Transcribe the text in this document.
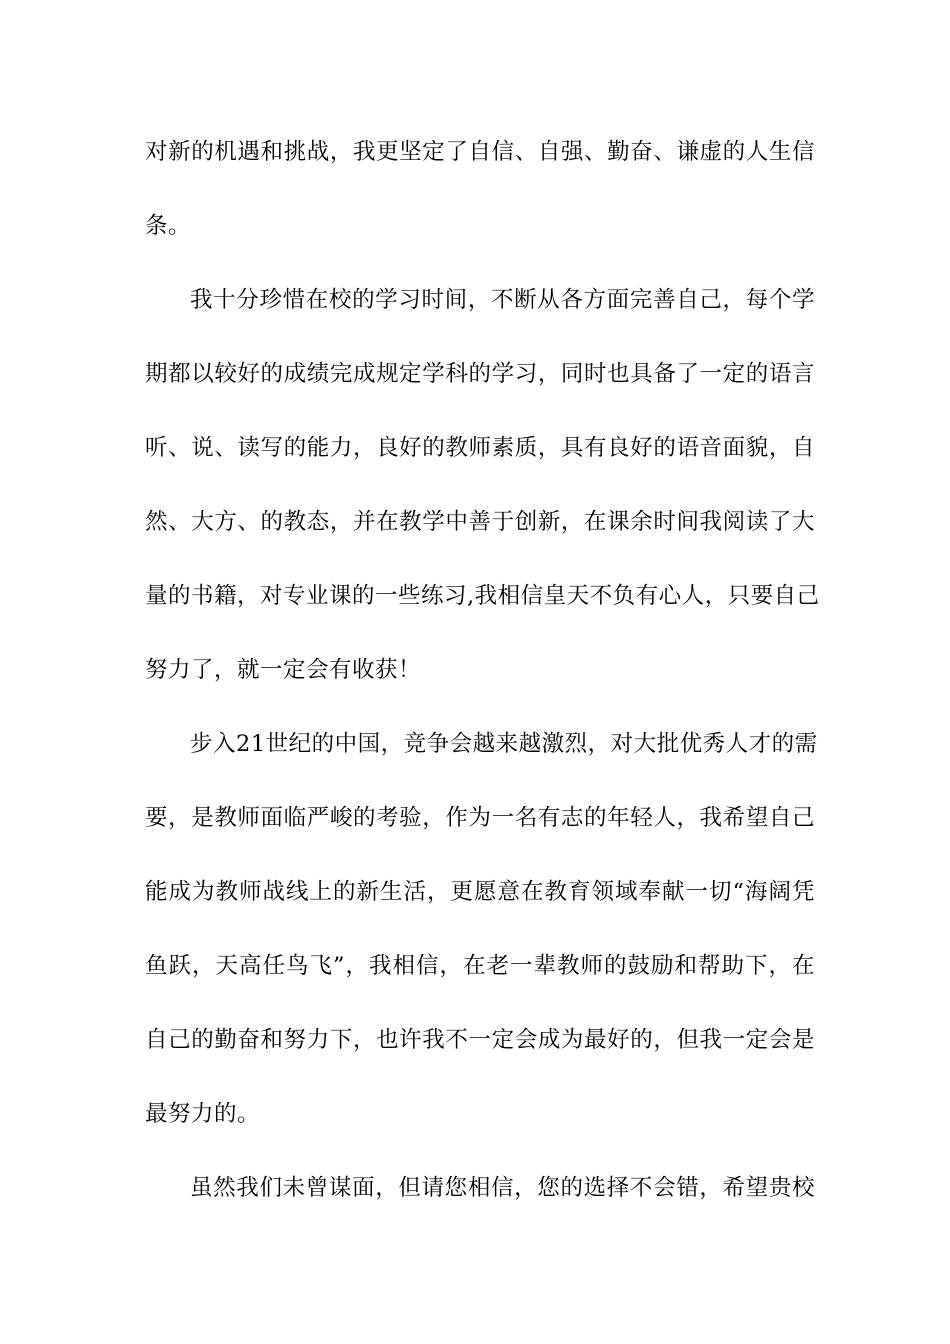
对新的机遇和挑战，我更坚定了自信、自强、勤奋、谦虚的人生信
条。
我十分珍惜在校的学习时间，不断从各方面完善自己，每个学
期都以较好的成绩完成规定学科的学习，同时也具备了一定的语言
听、说、读写的能力，良好的教师素质，具有良好的语音面貌，自
然、大方、的教态，并在教学中善于创新，在课余时间我阅读了大
量的书籍，对专业课的一些练习,我相信皇天不负有心人，只要自己
努力了，就一定会有收获！
步入21世纪的中国，竞争会越来越激烈，对大批优秀人才的需
要，是教师面临严峻的考验，作为一名有志的年轻人，我希望自己
能成为教师战线上的新生活，更愿意在教育领域奉献一切“海阔凭
鱼跃，天高任鸟飞”，我相信，在老一辈教师的鼓励和帮助下，在
自己的勤奋和努力下，也许我不一定会成为最好的，但我一定会是
最努力的。
虽然我们未曾谋面，但请您相信，您的选择不会错，希望贵校
